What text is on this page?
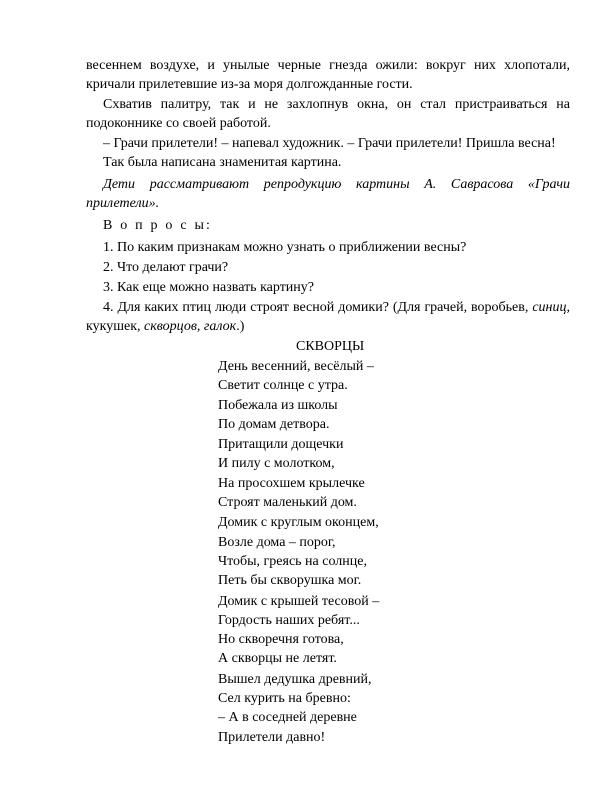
весеннем воздухе, и унылые черные гнезда ожили: вокруг них хлопотали, кричали прилетевшие из-за моря долгожданные гости.

Схватив палитру, так и не захлопнув окна, он стал пристраиваться на подоконнике со своей работой.

– Грачи прилетели! – напевал художник. – Грачи прилетели! Пришла весна!

Так была написана знаменитая картина.

Дети рассматривают репродукцию картины А. Саврасова «Грачи прилетели».

В о п р о с ы:

1. По каким признакам можно узнать о приближении весны?

2. Что делают грачи?

3. Как еще можно назвать картину?

4. Для каких птиц люди строят весной домики? (Для грачей, воробьев, синиц, кукушек, скворцов, галок.)

СКВОРЦЫ
День весенний, весёлый –
Светит солнце с утра.
Побежала из школы
По домам детвора.
Притащили дощечки
И пилу с молотком,
На просохшем крылечке
Строят маленький дом.
Домик с круглым оконцем,
Возле дома – порог,
Чтобы, греясь на солнце,
Петь бы скворушка мог.
Домик с крышей тесовой –
Гордость наших ребят...
Но скворечня готова,
А скворцы не летят.
Вышел дедушка древний,
Сел курить на бревно:
– А в соседней деревне
Прилетели давно!
